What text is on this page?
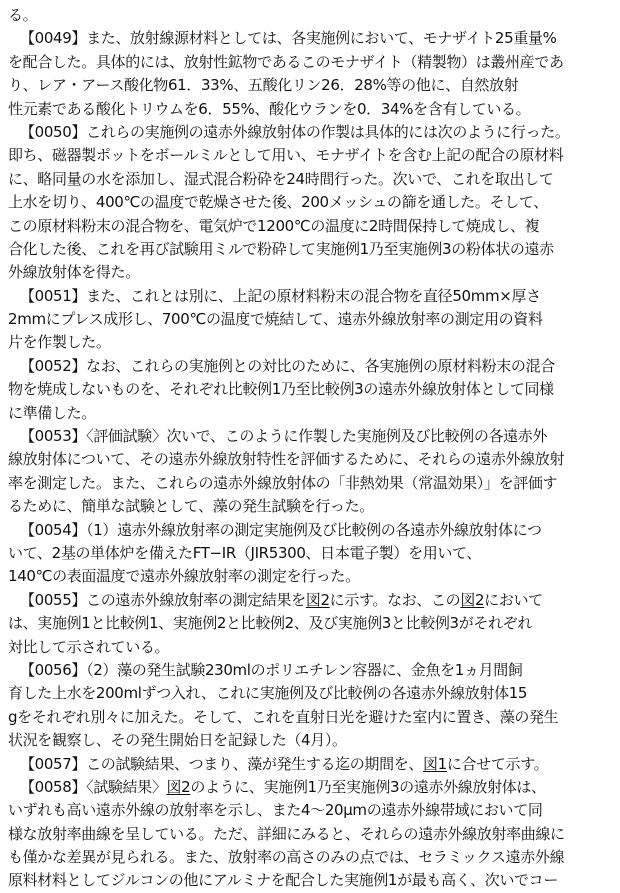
る。
【0049】また、放射線源材料としては、各実施例において、モナザイト25重量%
を配合した。具体的には、放射性鉱物であるこのモナザイト（精製物）は叢州産であ
り、レア・アース酸化物61．33%、五酸化リン26．28%等の他に、自然放射
性元素である酸化トリウムを6．55%、酸化ウランを0．34%を含有している。
【0050】これらの実施例の遠赤外線放射体の作製は具体的には次のように行った。
即ち、磁器製ポットをボールミルとして用い、モナザイトを含む上記の配合の原材料
に、略同量の水を添加し、湿式混合粉砕を24時間行った。次いで、これを取出して
上水を切り、400℃の温度で乾燥させた後、200メッシュの篩を通した。そして、
この原材料粉末の混合物を、電気炉で1200℃の温度に2時間保持して焼成し、複
合化した後、これを再び試験用ミルで粉砕して実施例1乃至実施例3の粉体状の遠赤
外線放射体を得た。
【0051】また、これとは別に、上記の原材料粉末の混合物を直径50mm×厚さ
2mmにプレス成形し、700℃の温度で焼結して、遠赤外線放射率の測定用の資料
片を作製した。
【0052】なお、これらの実施例との対比のために、各実施例の原材料粉末の混合
物を焼成しないものを、それぞれ比較例1乃至比較例3の遠赤外線放射体として同様
に準備した。
【0053】〈評価試験〉次いで、このように作製した実施例及び比較例の各遠赤外
線放射体について、その遠赤外線放射特性を評価するために、それらの遠赤外線放射
率を測定した。また、これらの遠赤外線放射体の「非熱効果（常温効果）」を評価す
るために、簡単な試験として、藻の発生試験を行った。
【0054】（1）遠赤外線放射率の測定実施例及び比較例の各遠赤外線放射体につ
いて、2基の単体炉を備えたFT−IR（JIR5300、日本電子製）を用いて、
140℃の表面温度で遠赤外線放射率の測定を行った。
【0055】この遠赤外線放射率の測定結果を図2に示す。なお、この図2において
は、実施例1と比較例1、実施例2と比較例2、及び実施例3と比較例3がそれぞれ
対比して示されている。
【0056】（2）藻の発生試験230mlのポリエチレン容器に、金魚を1ヵ月間飼
育した上水を200mlずつ入れ、これに実施例及び比較例の各遠赤外線放射体15
gをそれぞれ別々に加えた。そして、これを直射日光を避けた室内に置き、藻の発生
状況を観察し、その発生開始日を記録した（4月）。
【0057】この試験結果、つまり、藻が発生する迄の期間を、図1に合せて示す。
【0058】〈試験結果〉図2のように、実施例1乃至実施例3の遠赤外線放射体は、
いずれも高い遠赤外線の放射率を示し、また4〜20μmの遠赤外線帯域において同
様な放射率曲線を呈している。ただ、詳細にみると、それらの遠赤外線放射率曲線に
も僅かな差異が見られる。また、放射率の高さのみの点では、セラミックス遠赤外線
原料材料としてジルコンの他にアルミナを配合した実施例1が最も高く、次いでコー
